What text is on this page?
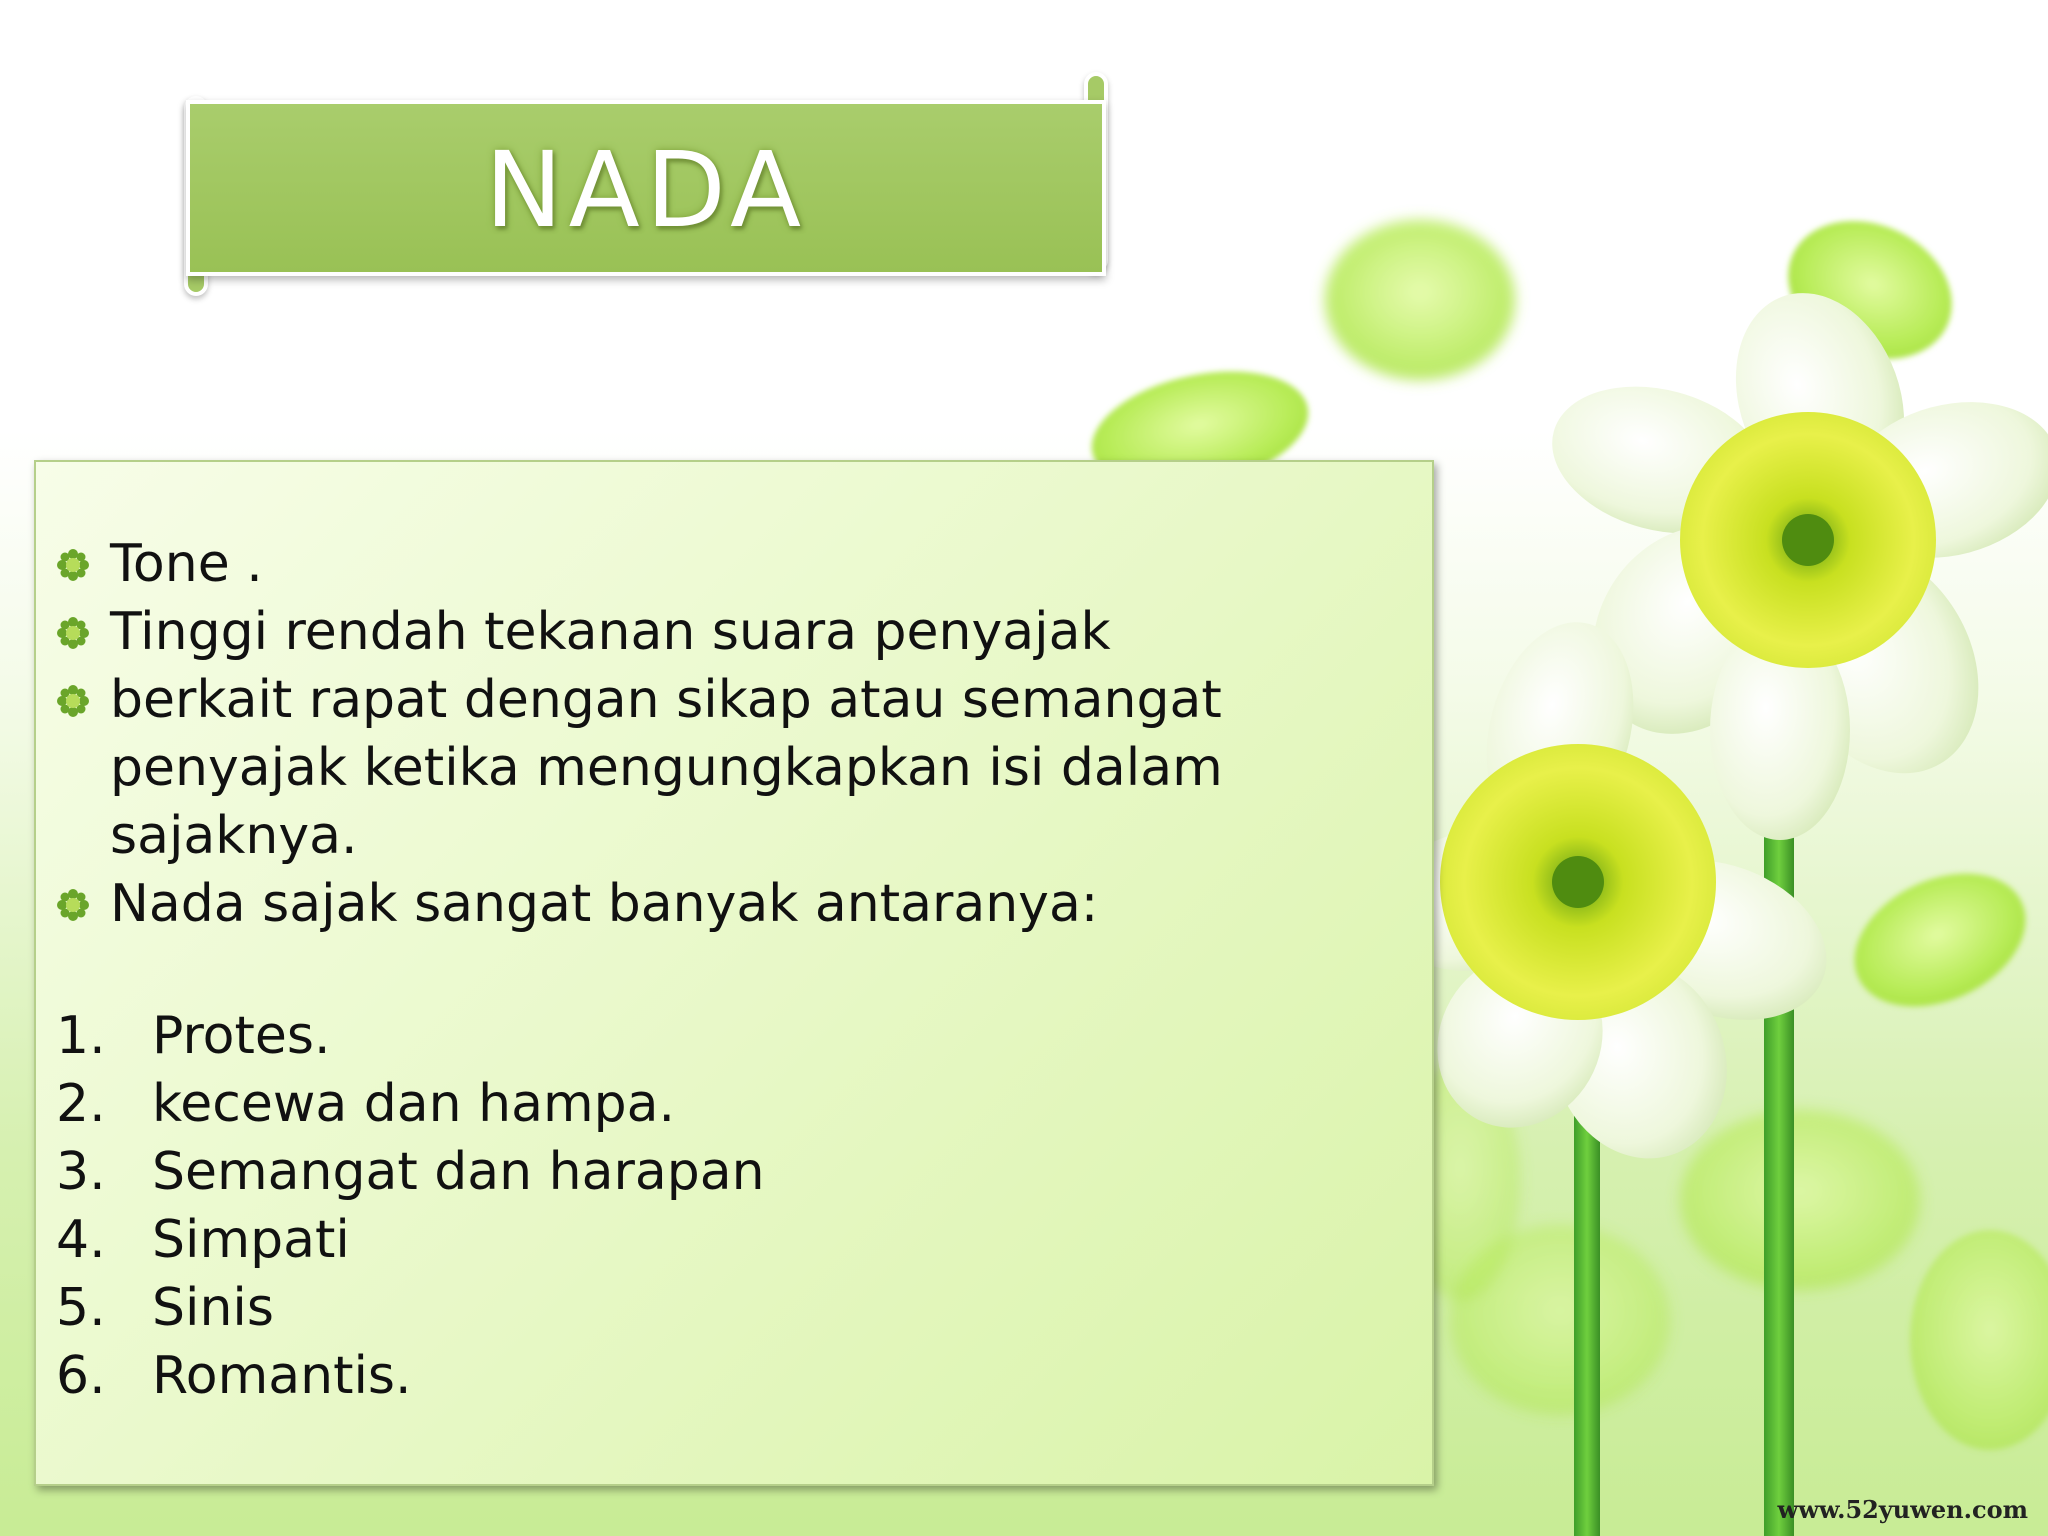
NADA
Tone .
Tinggi rendah tekanan suara penyajak
berkait rapat dengan sikap atau semangat penyajak ketika mengungkapkan isi dalam sajaknya.
Nada sajak sangat banyak antaranya:
1. Protes.
2. kecewa dan hampa.
3. Semangat dan harapan
4. Simpati
5. Sinis
6. Romantis.
www.52yuwen.com
